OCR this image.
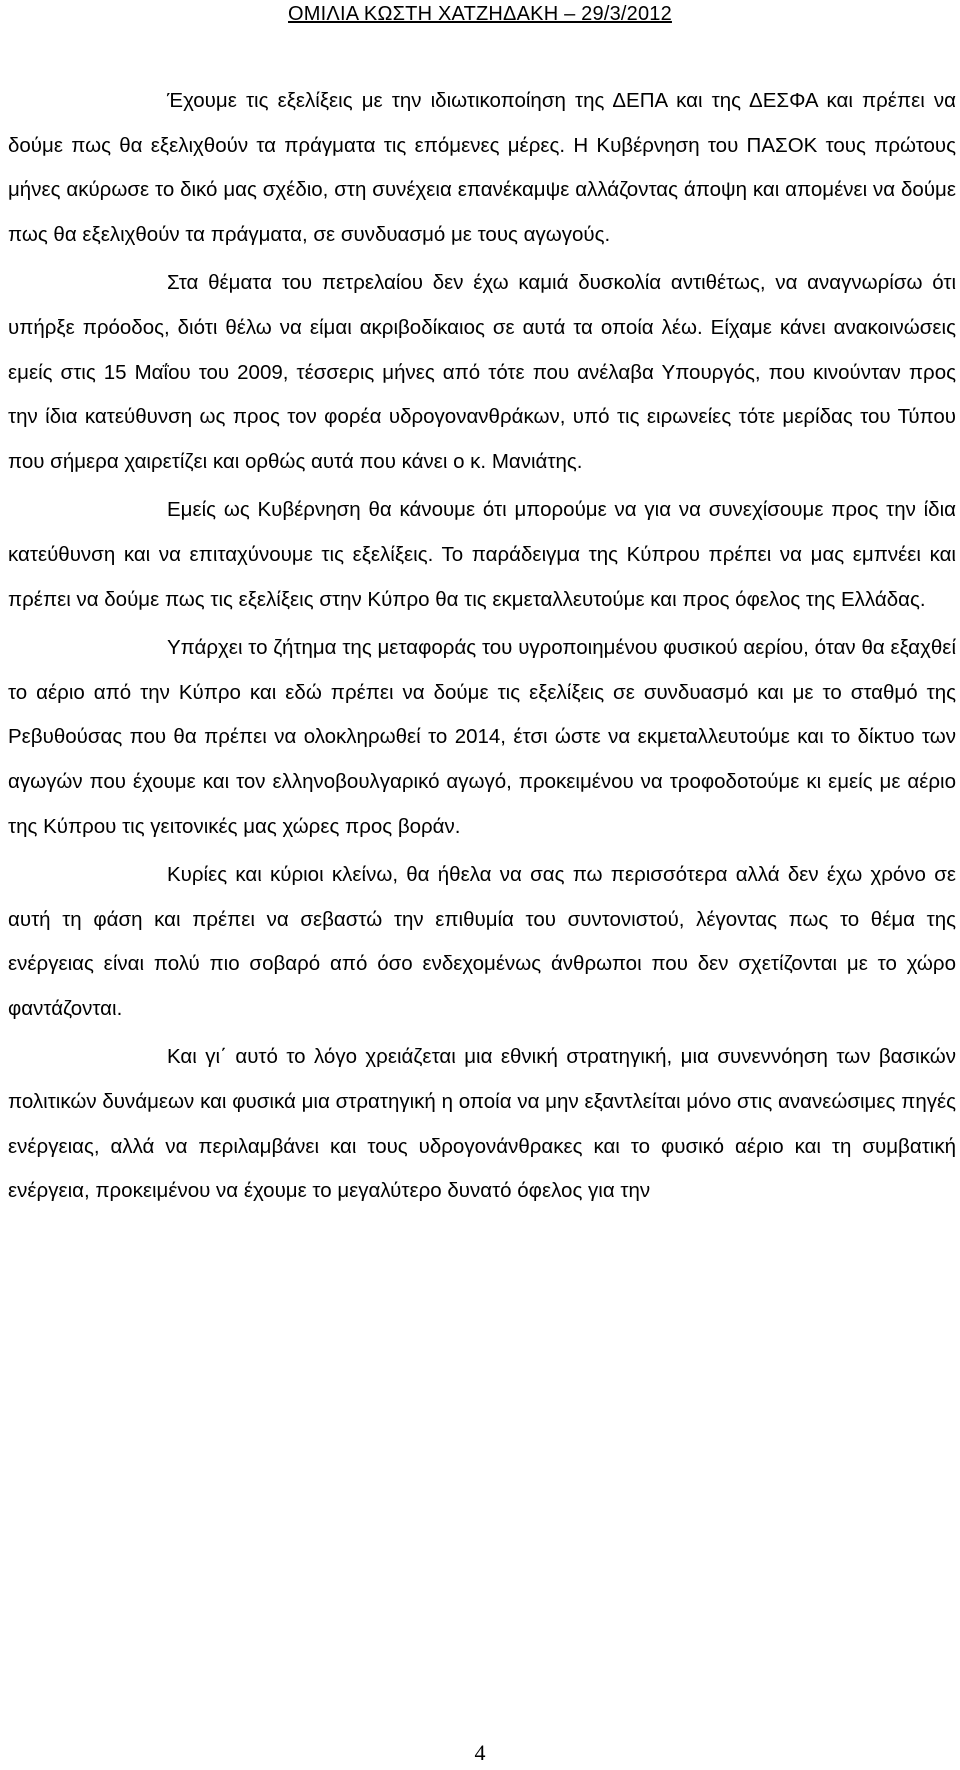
ΟΜΙΛΙΑ ΚΩΣΤΗ ΧΑΤΖΗΔΑΚΗ – 29/3/2012

Έχουμε τις εξελίξεις με την ιδιωτικοποίηση της ΔΕΠΑ και της ΔΕΣΦΑ και πρέπει να δούμε πως θα εξελιχθούν τα πράγματα τις επόμενες μέρες. Η Κυβέρνηση του ΠΑΣΟΚ τους πρώτους μήνες ακύρωσε το δικό μας σχέδιο, στη συνέχεια επανέκαμψε αλλάζοντας άποψη και απομένει να δούμε πως θα εξελιχθούν τα πράγματα, σε συνδυασμό με τους αγωγούς.

Στα θέματα του πετρελαίου δεν έχω καμιά δυσκολία αντιθέτως, να αναγνωρίσω ότι υπήρξε πρόοδος, διότι θέλω να είμαι ακριβοδίκαιος σε αυτά τα οποία λέω. Είχαμε κάνει ανακοινώσεις εμείς στις 15 Μαΐου του 2009, τέσσερις μήνες από τότε που ανέλαβα Υπουργός, που κινούνταν προς την ίδια κατεύθυνση ως προς τον φορέα υδρογονανθράκων, υπό τις ειρωνείες τότε μερίδας του Τύπου που σήμερα χαιρετίζει και ορθώς αυτά που κάνει ο κ. Μανιάτης.

Εμείς ως Κυβέρνηση θα κάνουμε ότι μπορούμε να για να συνεχίσουμε προς την ίδια κατεύθυνση και να επιταχύνουμε τις εξελίξεις. Το παράδειγμα της Κύπρου πρέπει να μας εμπνέει και πρέπει να δούμε πως τις εξελίξεις στην Κύπρο θα τις εκμεταλλευτούμε και προς όφελος της Ελλάδας.

Υπάρχει το ζήτημα της μεταφοράς του υγροποιημένου φυσικού αερίου, όταν θα εξαχθεί το αέριο από την Κύπρο και εδώ πρέπει να δούμε τις εξελίξεις σε συνδυασμό και με το σταθμό της Ρεβυθούσας που θα πρέπει να ολοκληρωθεί το 2014, έτσι ώστε να εκμεταλλευτούμε και το δίκτυο των αγωγών που έχουμε και τον ελληνοβουλγαρικό αγωγό, προκειμένου να τροφοδοτούμε κι εμείς με αέριο της Κύπρου τις γειτονικές μας χώρες προς βοράν.

Κυρίες και κύριοι κλείνω, θα ήθελα να σας πω περισσότερα αλλά δεν έχω χρόνο σε αυτή τη φάση και πρέπει να σεβαστώ την επιθυμία του συντονιστού, λέγοντας πως το θέμα της ενέργειας είναι πολύ πιο σοβαρό από όσο ενδεχομένως άνθρωποι που δεν σχετίζονται με το χώρο φαντάζονται.

Και γι΄ αυτό το λόγο χρειάζεται μια εθνική στρατηγική, μια συνεννόηση των βασικών πολιτικών δυνάμεων και φυσικά μια στρατηγική η οποία να μην εξαντλείται μόνο στις ανανεώσιμες πηγές ενέργειας, αλλά να περιλαμβάνει και τους υδρογονάνθρακες και το φυσικό αέριο και τη συμβατική ενέργεια, προκειμένου να έχουμε το μεγαλύτερο δυνατό όφελος για την

4
